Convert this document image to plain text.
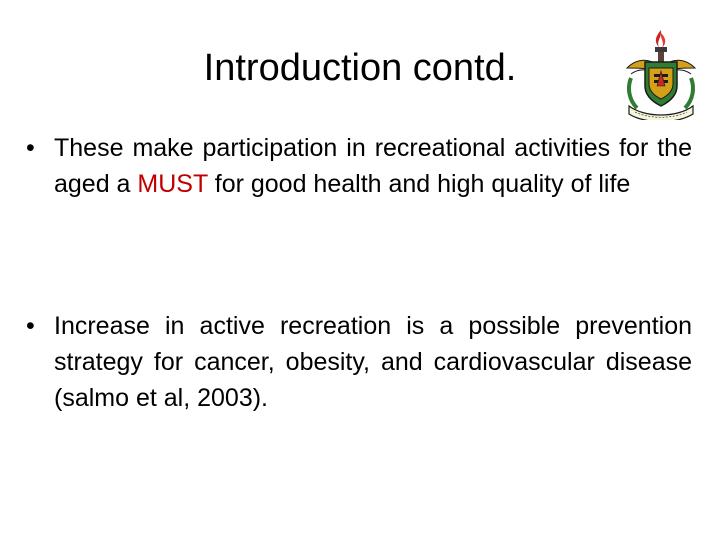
Introduction contd.
• These make participation in recreational activities for the aged a MUST for good health and high quality of life
• Increase in active recreation is a possible prevention strategy for cancer, obesity, and cardiovascular disease (salmo et al, 2003).
